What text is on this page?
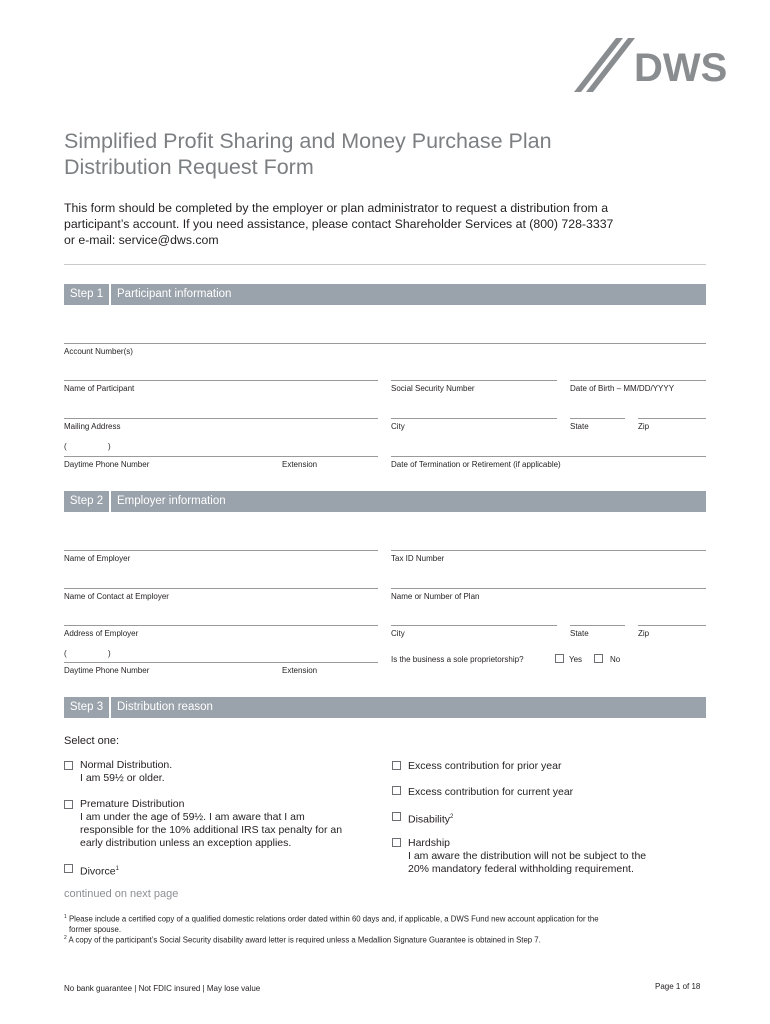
DWS
Simplified Profit Sharing and Money Purchase Plan
Distribution Request Form
This form should be completed by the employer or plan administrator to request a distribution from a
participant’s account. If you need assistance, please contact Shareholder Services at (800) 728-3337
or e-mail: service@dws.com
Step 1	Participant information
Account Number(s)
Name of Participant	Social Security Number	Date of Birth – MM/DD/YYYY
Mailing Address	City	State	Zip
(	)
Daytime Phone Number	Extension	Date of Termination or Retirement (if applicable)
Step 2	Employer information
Name of Employer	Tax ID Number
Name of Contact at Employer	Name or Number of Plan
Address of Employer	City	State	Zip
(	)
Daytime Phone Number	Extension
Is the business a sole proprietorship?	Yes	No
Step 3	Distribution reason
Select one:
Normal Distribution.
I am 59½ or older.
Premature Distribution
I am under the age of 59½. I am aware that I am
responsible for the 10% additional IRS tax penalty for an
early distribution unless an exception applies.
Divorce$^1$
Excess contribution for prior year
Excess contribution for current year
Disability$^2$
Hardship
I am aware the distribution will not be subject to the
20% mandatory federal withholding requirement.
continued on next page
$^1$ Please include a certified copy of a qualified domestic relations order dated within 60 days and, if applicable, a DWS Fund new account application for the
former spouse.
$^2$ A copy of the participant’s Social Security disability award letter is required unless a Medallion Signature Guarantee is obtained in Step 7.
No bank guarantee | Not FDIC insured | May lose value	Page 1 of 18
